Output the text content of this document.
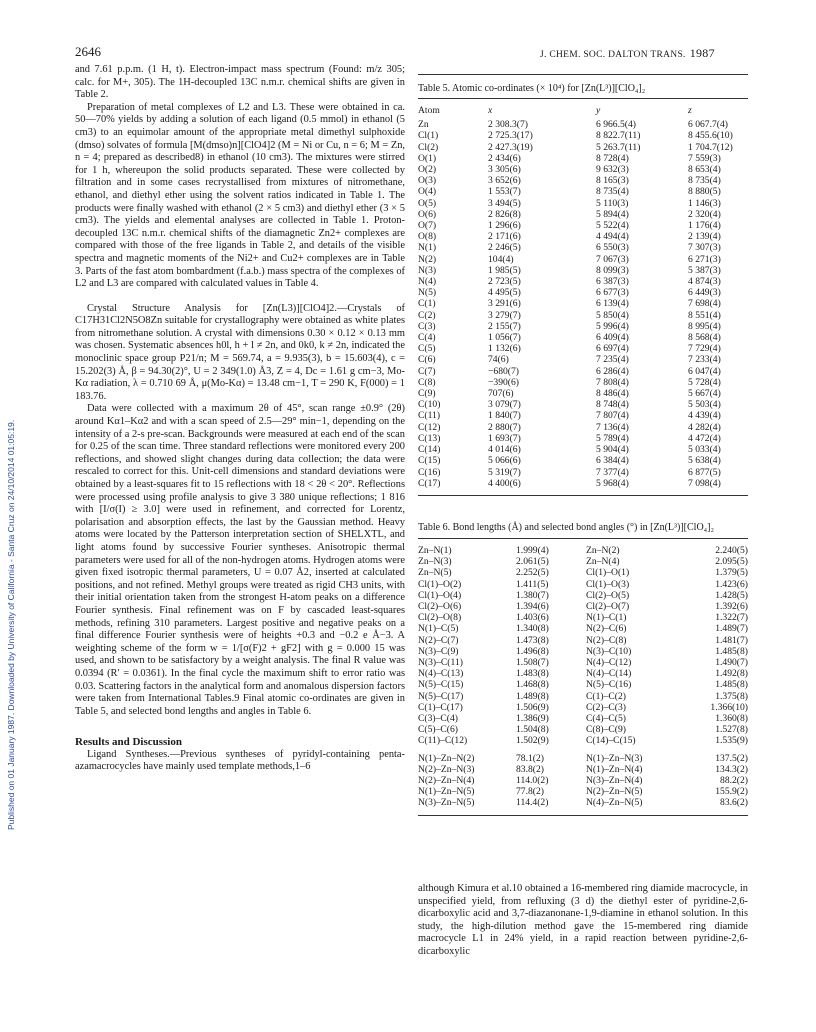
2646	J. CHEM. SOC. DALTON TRANS. 1987
Published on 01 January 1987. Downloaded by University of California - Santa Cruz on 24/10/2014 01:05:19.

and 7.61 p.p.m. (1 H, t). Electron-impact mass spectrum (Found: m/z 305; calc. for M+, 305). The 1H-decoupled 13C n.m.r. chemical shifts are given in Table 2.

Preparation of metal complexes of L2 and L3. These were obtained in ca. 50—70% yields by adding a solution of each ligand (0.5 mmol) in ethanol (5 cm3) to an equimolar amount of the appropriate metal dimethyl sulphoxide (dmso) solvates of formula [M(dmso)n][ClO4]2 (M = Ni or Cu, n = 6; M = Zn, n = 4; prepared as described8) in ethanol (10 cm3). The mixtures were stirred for 1 h, whereupon the solid products separated. These were collected by filtration and in some cases recrystallised from mixtures of nitromethane, ethanol, and diethyl ether using the solvent ratios indicated in Table 1. The products were finally washed with ethanol (2 × 5 cm3) and diethyl ether (3 × 5 cm3). The yields and elemental analyses are collected in Table 1. Proton-decoupled 13C n.m.r. chemical shifts of the diamagnetic Zn2+ complexes are compared with those of the free ligands in Table 2, and details of the visible spectra and magnetic moments of the Ni2+ and Cu2+ complexes are in Table 3. Parts of the fast atom bombardment (f.a.b.) mass spectra of the complexes of L2 and L3 are compared with calculated values in Table 4.

Crystal Structure Analysis for [Zn(L3)][ClO4]2.—Crystals of C17H31Cl2N5O8Zn suitable for crystallography were obtained as white plates from nitromethane solution. A crystal with dimensions 0.30 × 0.12 × 0.13 mm was chosen. Systematic absences h0l, h + l ≠ 2n, and 0k0, k ≠ 2n, indicated the monoclinic space group P21/n; M = 569.74, a = 9.935(3), b = 15.603(4), c = 15.202(3) Å, β = 94.30(2)°, U = 2 349(1.0) Å3, Z = 4, Dc = 1.61 g cm−3, Mo-Kα radiation, λ = 0.710 69 Å, μ(Mo-Kα) = 13.48 cm−1, T = 290 K, F(000) = 1 183.76.

Data were collected with a maximum 2θ of 45°, scan range ±0.9° (2θ) around Kα1–Kα2 and with a scan speed of 2.5—29° min−1, depending on the intensity of a 2-s pre-scan. Backgrounds were measured at each end of the scan for 0.25 of the scan time. Three standard reflections were monitored every 200 reflections, and showed slight changes during data collection; the data were rescaled to correct for this. Unit-cell dimensions and standard deviations were obtained by a least-squares fit to 15 reflections with 18 < 2θ < 20°. Reflections were processed using profile analysis to give 3 380 unique reflections; 1 816 with [I/σ(I) ≥ 3.0] were used in refinement, and corrected for Lorentz, polarisation and absorption effects, the last by the Gaussian method. Heavy atoms were located by the Patterson interpretation section of SHELXTL, and light atoms found by successive Fourier syntheses. Anisotropic thermal parameters were used for all of the non-hydrogen atoms. Hydrogen atoms were given fixed isotropic thermal parameters, U = 0.07 Å2, inserted at calculated positions, and not refined. Methyl groups were treated as rigid CH3 units, with their initial orientation taken from the strongest H-atom peaks on a difference Fourier synthesis. Final refinement was on F by cascaded least-squares methods, refining 310 parameters. Largest positive and negative peaks on a final difference Fourier synthesis were of heights +0.3 and −0.2 e Å−3. A weighting scheme of the form w = 1/[σ(F)2 + gF2] with g = 0.000 15 was used, and shown to be satisfactory by a weight analysis. The final R value was 0.0394 (R′ = 0.0361). In the final cycle the maximum shift to error ratio was 0.03. Scattering factors in the analytical form and anomalous dispersion factors were taken from International Tables.9 Final atomic co-ordinates are given in Table 5, and selected bond lengths and angles in Table 6.

Results and Discussion

Ligand Syntheses.—Previous syntheses of pyridyl-containing penta-azamacrocycles have mainly used template methods,1–6

Table 5. Atomic co-ordinates (× 10⁴) for [Zn(L³)][ClO₄]₂
Atom	x	y	z
Zn	2 308.3(7)	6 966.5(4)	6 067.7(4)
Cl(1)	2 725.3(17)	8 822.7(11)	8 455.6(10)
Cl(2)	2 427.3(19)	5 263.7(11)	1 704.7(12)
O(1)	2 434(6)	8 728(4)	7 559(3)
O(2)	3 305(6)	9 632(3)	8 653(4)
O(3)	3 652(6)	8 165(3)	8 735(4)
O(4)	1 553(7)	8 735(4)	8 880(5)
O(5)	3 494(5)	5 110(3)	1 146(3)
O(6)	2 826(8)	5 894(4)	2 320(4)
O(7)	1 296(6)	5 522(4)	1 176(4)
O(8)	2 171(6)	4 494(4)	2 139(4)
N(1)	2 246(5)	6 550(3)	7 307(3)
N(2)	104(4)	7 067(3)	6 271(3)
N(3)	1 985(5)	8 099(3)	5 387(3)
N(4)	2 723(5)	6 387(3)	4 874(3)
N(5)	4 495(5)	6 677(3)	6 449(3)
C(1)	3 291(6)	6 139(4)	7 698(4)
C(2)	3 279(7)	5 850(4)	8 551(4)
C(3)	2 155(7)	5 996(4)	8 995(4)
C(4)	1 056(7)	6 409(4)	8 568(4)
C(5)	1 132(6)	6 697(4)	7 729(4)
C(6)	74(6)	7 235(4)	7 233(4)
C(7)	−680(7)	6 286(4)	6 047(4)
C(8)	−390(6)	7 808(4)	5 728(4)
C(9)	707(6)	8 486(4)	5 667(4)
C(10)	3 079(7)	8 748(4)	5 503(4)
C(11)	1 840(7)	7 807(4)	4 439(4)
C(12)	2 880(7)	7 136(4)	4 282(4)
C(13)	1 693(7)	5 789(4)	4 472(4)
C(14)	4 014(6)	5 904(4)	5 033(4)
C(15)	5 066(6)	6 384(4)	5 638(4)
C(16)	5 319(7)	7 377(4)	6 877(5)
C(17)	4 400(6)	5 968(4)	7 098(4)
Table 6. Bond lengths (Å) and selected bond angles (°) in [Zn(L³)][ClO₄]₂
Zn–N(1)	1.999(4)	Zn–N(2)	2.240(5)
Zn–N(3)	2.061(5)	Zn–N(4)	2.095(5)
Zn–N(5)	2.252(5)	Cl(1)–O(1)	1.379(5)
Cl(1)–O(2)	1.411(5)	Cl(1)–O(3)	1.423(6)
Cl(1)–O(4)	1.380(7)	Cl(2)–O(5)	1.428(5)
Cl(2)–O(6)	1.394(6)	Cl(2)–O(7)	1.392(6)
Cl(2)–O(8)	1.403(6)	N(1)–C(1)	1.322(7)
N(1)–C(5)	1.340(8)	N(2)–C(6)	1.489(7)
N(2)–C(7)	1.473(8)	N(2)–C(8)	1.481(7)
N(3)–C(9)	1.496(8)	N(3)–C(10)	1.485(8)
N(3)–C(11)	1.508(7)	N(4)–C(12)	1.490(7)
N(4)–C(13)	1.483(8)	N(4)–C(14)	1.492(8)
N(5)–C(15)	1.468(8)	N(5)–C(16)	1.485(8)
N(5)–C(17)	1.489(8)	C(1)–C(2)	1.375(8)
C(1)–C(17)	1.506(9)	C(2)–C(3)	1.366(10)
C(3)–C(4)	1.386(9)	C(4)–C(5)	1.360(8)
C(5)–C(6)	1.504(8)	C(8)–C(9)	1.527(8)
C(11)–C(12)	1.502(9)	C(14)–C(15)	1.535(9)

N(1)–Zn–N(2)	78.1(2)	N(1)–Zn–N(3)	137.5(2)
N(2)–Zn–N(3)	83.8(2)	N(1)–Zn–N(4)	134.3(2)
N(2)–Zn–N(4)	114.0(2)	N(3)–Zn–N(4)	88.2(2)
N(1)–Zn–N(5)	77.8(2)	N(2)–Zn–N(5)	155.9(2)
N(3)–Zn–N(5)	114.4(2)	N(4)–Zn–N(5)	83.6(2)

although Kimura et al.10 obtained a 16-membered ring diamide macrocycle, in unspecified yield, from refluxing (3 d) the diethyl ester of pyridine-2,6-dicarboxylic acid and 3,7-diazanonane-1,9-diamine in ethanol solution. In this study, the high-dilution method gave the 15-membered ring diamide macrocycle L1 in 24% yield, in a rapid reaction between pyridine-2,6-dicarboxylic
